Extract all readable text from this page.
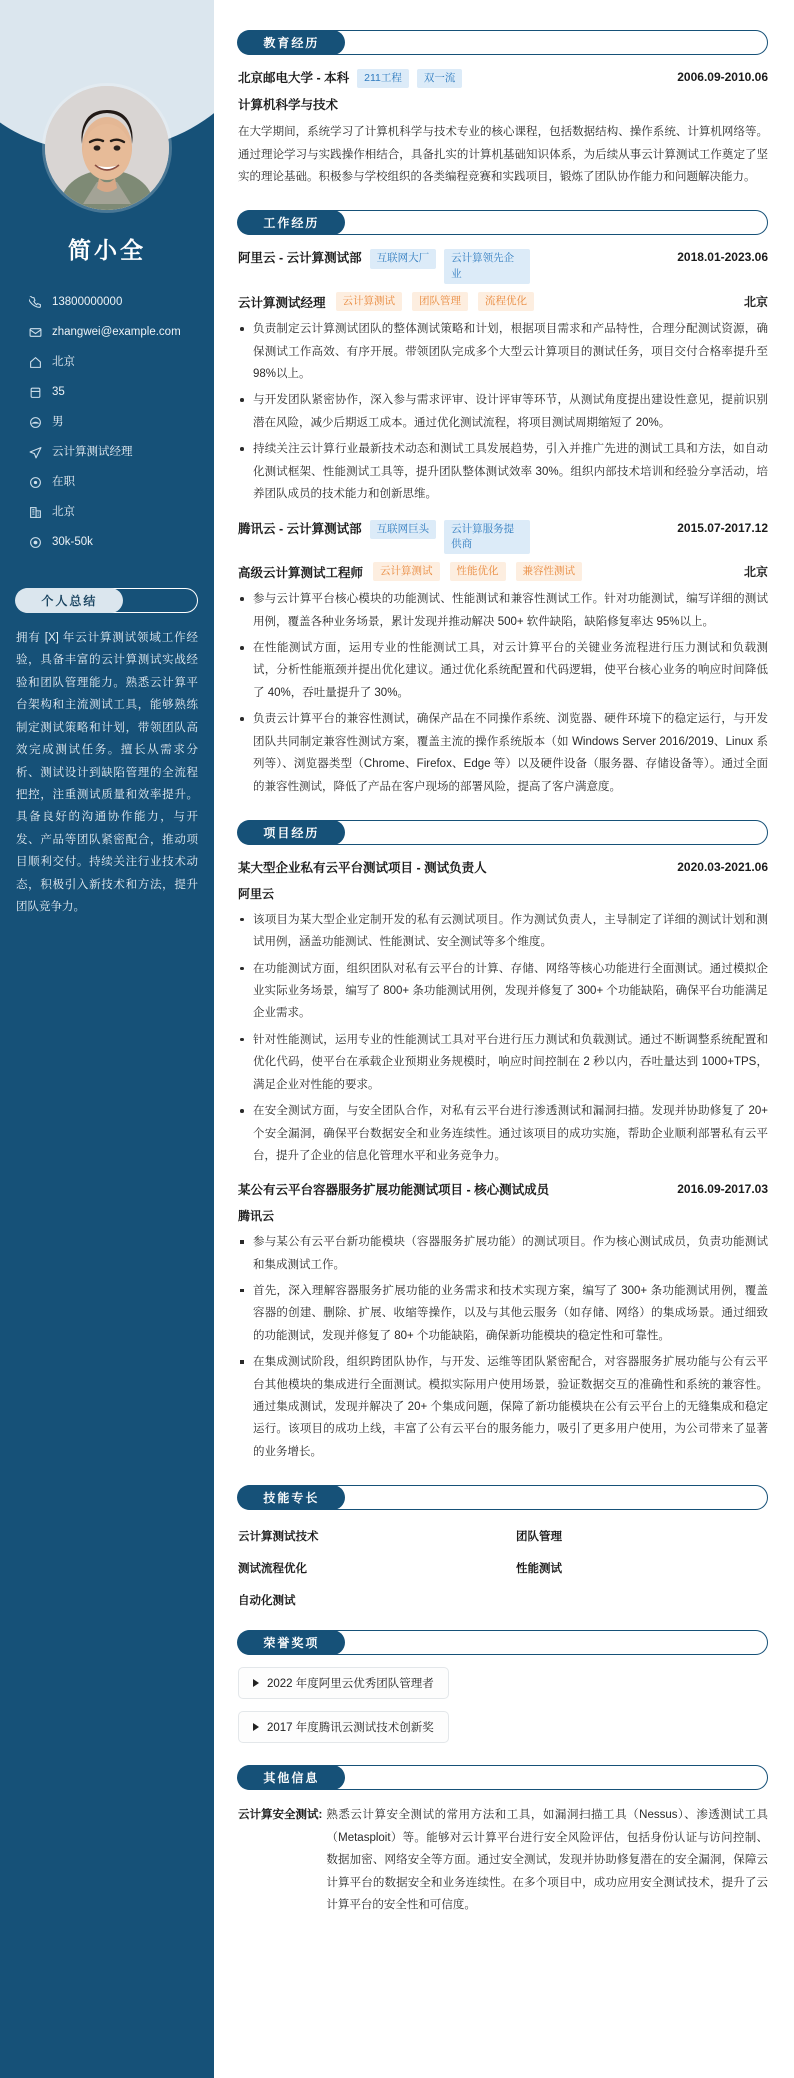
简小全
13800000000
zhangwei@example.com
北京
35
男
云计算测试经理
在职
北京
30k-50k
个人总结

拥有 [X] 年云计算测试领域工作经验，具备丰富的云计算测试实战经验和团队管理能力。熟悉云计算平台架构和主流测试工具，能够熟练制定测试策略和计划，带领团队高效完成测试任务。擅长从需求分析、测试设计到缺陷管理的全流程把控，注重测试质量和效率提升。具备良好的沟通协作能力，与开发、产品等团队紧密配合，推动项目顺利交付。持续关注行业技术动态，积极引入新技术和方法，提升团队竞争力。

教育经历
北京邮电大学 - 本科	211工程	双一流	2006.09-2010.06
计算机科学与技术

在大学期间，系统学习了计算机科学与技术专业的核心课程，包括数据结构、操作系统、计算机网络等。通过理论学习与实践操作相结合，具备扎实的计算机基础知识体系，为后续从事云计算测试工作奠定了坚实的理论基础。积极参与学校组织的各类编程竞赛和实践项目，锻炼了团队协作能力和问题解决能力。

工作经历
阿里云 - 云计算测试部	互联网大厂	云计算领先企业
2018.01-2023.06
云计算测试经理	云计算测试	团队管理	流程优化	北京
负责制定云计算测试团队的整体测试策略和计划，根据项目需求和产品特性，合理分配测试资源，确保测试工作高效、有序开展。带领团队完成多个大型云计算项目的测试任务，项目交付合格率提升至 98%以上。
与开发团队紧密协作，深入参与需求评审、设计评审等环节，从测试角度提出建设性意见，提前识别潜在风险，减少后期返工成本。通过优化测试流程，将项目测试周期缩短了 20%。
持续关注云计算行业最新技术动态和测试工具发展趋势，引入并推广先进的测试工具和方法，如自动化测试框架、性能测试工具等，提升团队整体测试效率 30%。组织内部技术培训和经验分享活动，培养团队成员的技术能力和创新思维。
腾讯云 - 云计算测试部	互联网巨头	云计算服务提供商
2015.07-2017.12
高级云计算测试工程师	云计算测试	性能优化	兼容性测试	北京
参与云计算平台核心模块的功能测试、性能测试和兼容性测试工作。针对功能测试，编写详细的测试用例，覆盖各种业务场景，累计发现并推动解决 500+ 软件缺陷，缺陷修复率达 95%以上。
在性能测试方面，运用专业的性能测试工具，对云计算平台的关键业务流程进行压力测试和负载测试，分析性能瓶颈并提出优化建议。通过优化系统配置和代码逻辑，使平台核心业务的响应时间降低了 40%，吞吐量提升了 30%。
负责云计算平台的兼容性测试，确保产品在不同操作系统、浏览器、硬件环境下的稳定运行，与开发团队共同制定兼容性测试方案，覆盖主流的操作系统版本（如 Windows Server 2016/2019、Linux 系列等）、浏览器类型（Chrome、Firefox、Edge 等）以及硬件设备（服务器、存储设备等）。通过全面的兼容性测试，降低了产品在客户现场的部署风险，提高了客户满意度。
项目经历
某大型企业私有云平台测试项目 - 测试负责人	2020.03-2021.06
阿里云
该项目为某大型企业定制开发的私有云测试项目。作为测试负责人，主导制定了详细的测试计划和测试用例，涵盖功能测试、性能测试、安全测试等多个维度。
在功能测试方面，组织团队对私有云平台的计算、存储、网络等核心功能进行全面测试。通过模拟企业实际业务场景，编写了 800+ 条功能测试用例，发现并修复了 300+ 个功能缺陷，确保平台功能满足企业需求。
针对性能测试，运用专业的性能测试工具对平台进行压力测试和负载测试。通过不断调整系统配置和优化代码，使平台在承载企业预期业务规模时，响应时间控制在 2 秒以内，吞吐量达到 1000+TPS，满足企业对性能的要求。
在安全测试方面，与安全团队合作，对私有云平台进行渗透测试和漏洞扫描。发现并协助修复了 20+ 个安全漏洞，确保平台数据安全和业务连续性。通过该项目的成功实施，帮助企业顺利部署私有云平台，提升了企业的信息化管理水平和业务竞争力。
某公有云平台容器服务扩展功能测试项目 - 核心测试成员	2016.09-2017.03
腾讯云
参与某公有云平台新功能模块（容器服务扩展功能）的测试项目。作为核心测试成员，负责功能测试和集成测试工作。
首先，深入理解容器服务扩展功能的业务需求和技术实现方案，编写了 300+ 条功能测试用例，覆盖容器的创建、删除、扩展、收缩等操作，以及与其他云服务（如存储、网络）的集成场景。通过细致的功能测试，发现并修复了 80+ 个功能缺陷，确保新功能模块的稳定性和可靠性。
在集成测试阶段，组织跨团队协作，与开发、运维等团队紧密配合，对容器服务扩展功能与公有云平台其他模块的集成进行全面测试。模拟实际用户使用场景，验证数据交互的准确性和系统的兼容性。通过集成测试，发现并解决了 20+ 个集成问题，保障了新功能模块在公有云平台上的无缝集成和稳定运行。该项目的成功上线，丰富了公有云平台的服务能力，吸引了更多用户使用，为公司带来了显著的业务增长。
技能专长
云计算测试技术	团队管理
测试流程优化	性能测试
自动化测试
荣誉奖项
2022 年度阿里云优秀团队管理者
2017 年度腾讯云测试技术创新奖
其他信息
云计算安全测试: 熟悉云计算安全测试的常用方法和工具，如漏洞扫描工具（Nessus）、渗透测试工具（Metasploit）等。能够对云计算平台进行安全风险评估，包括身份认证与访问控制、数据加密、网络安全等方面。通过安全测试，发现并协助修复潜在的安全漏洞，保障云计算平台的数据安全和业务连续性。在多个项目中，成功应用安全测试技术，提升了云计算平台的安全性和可信度。
